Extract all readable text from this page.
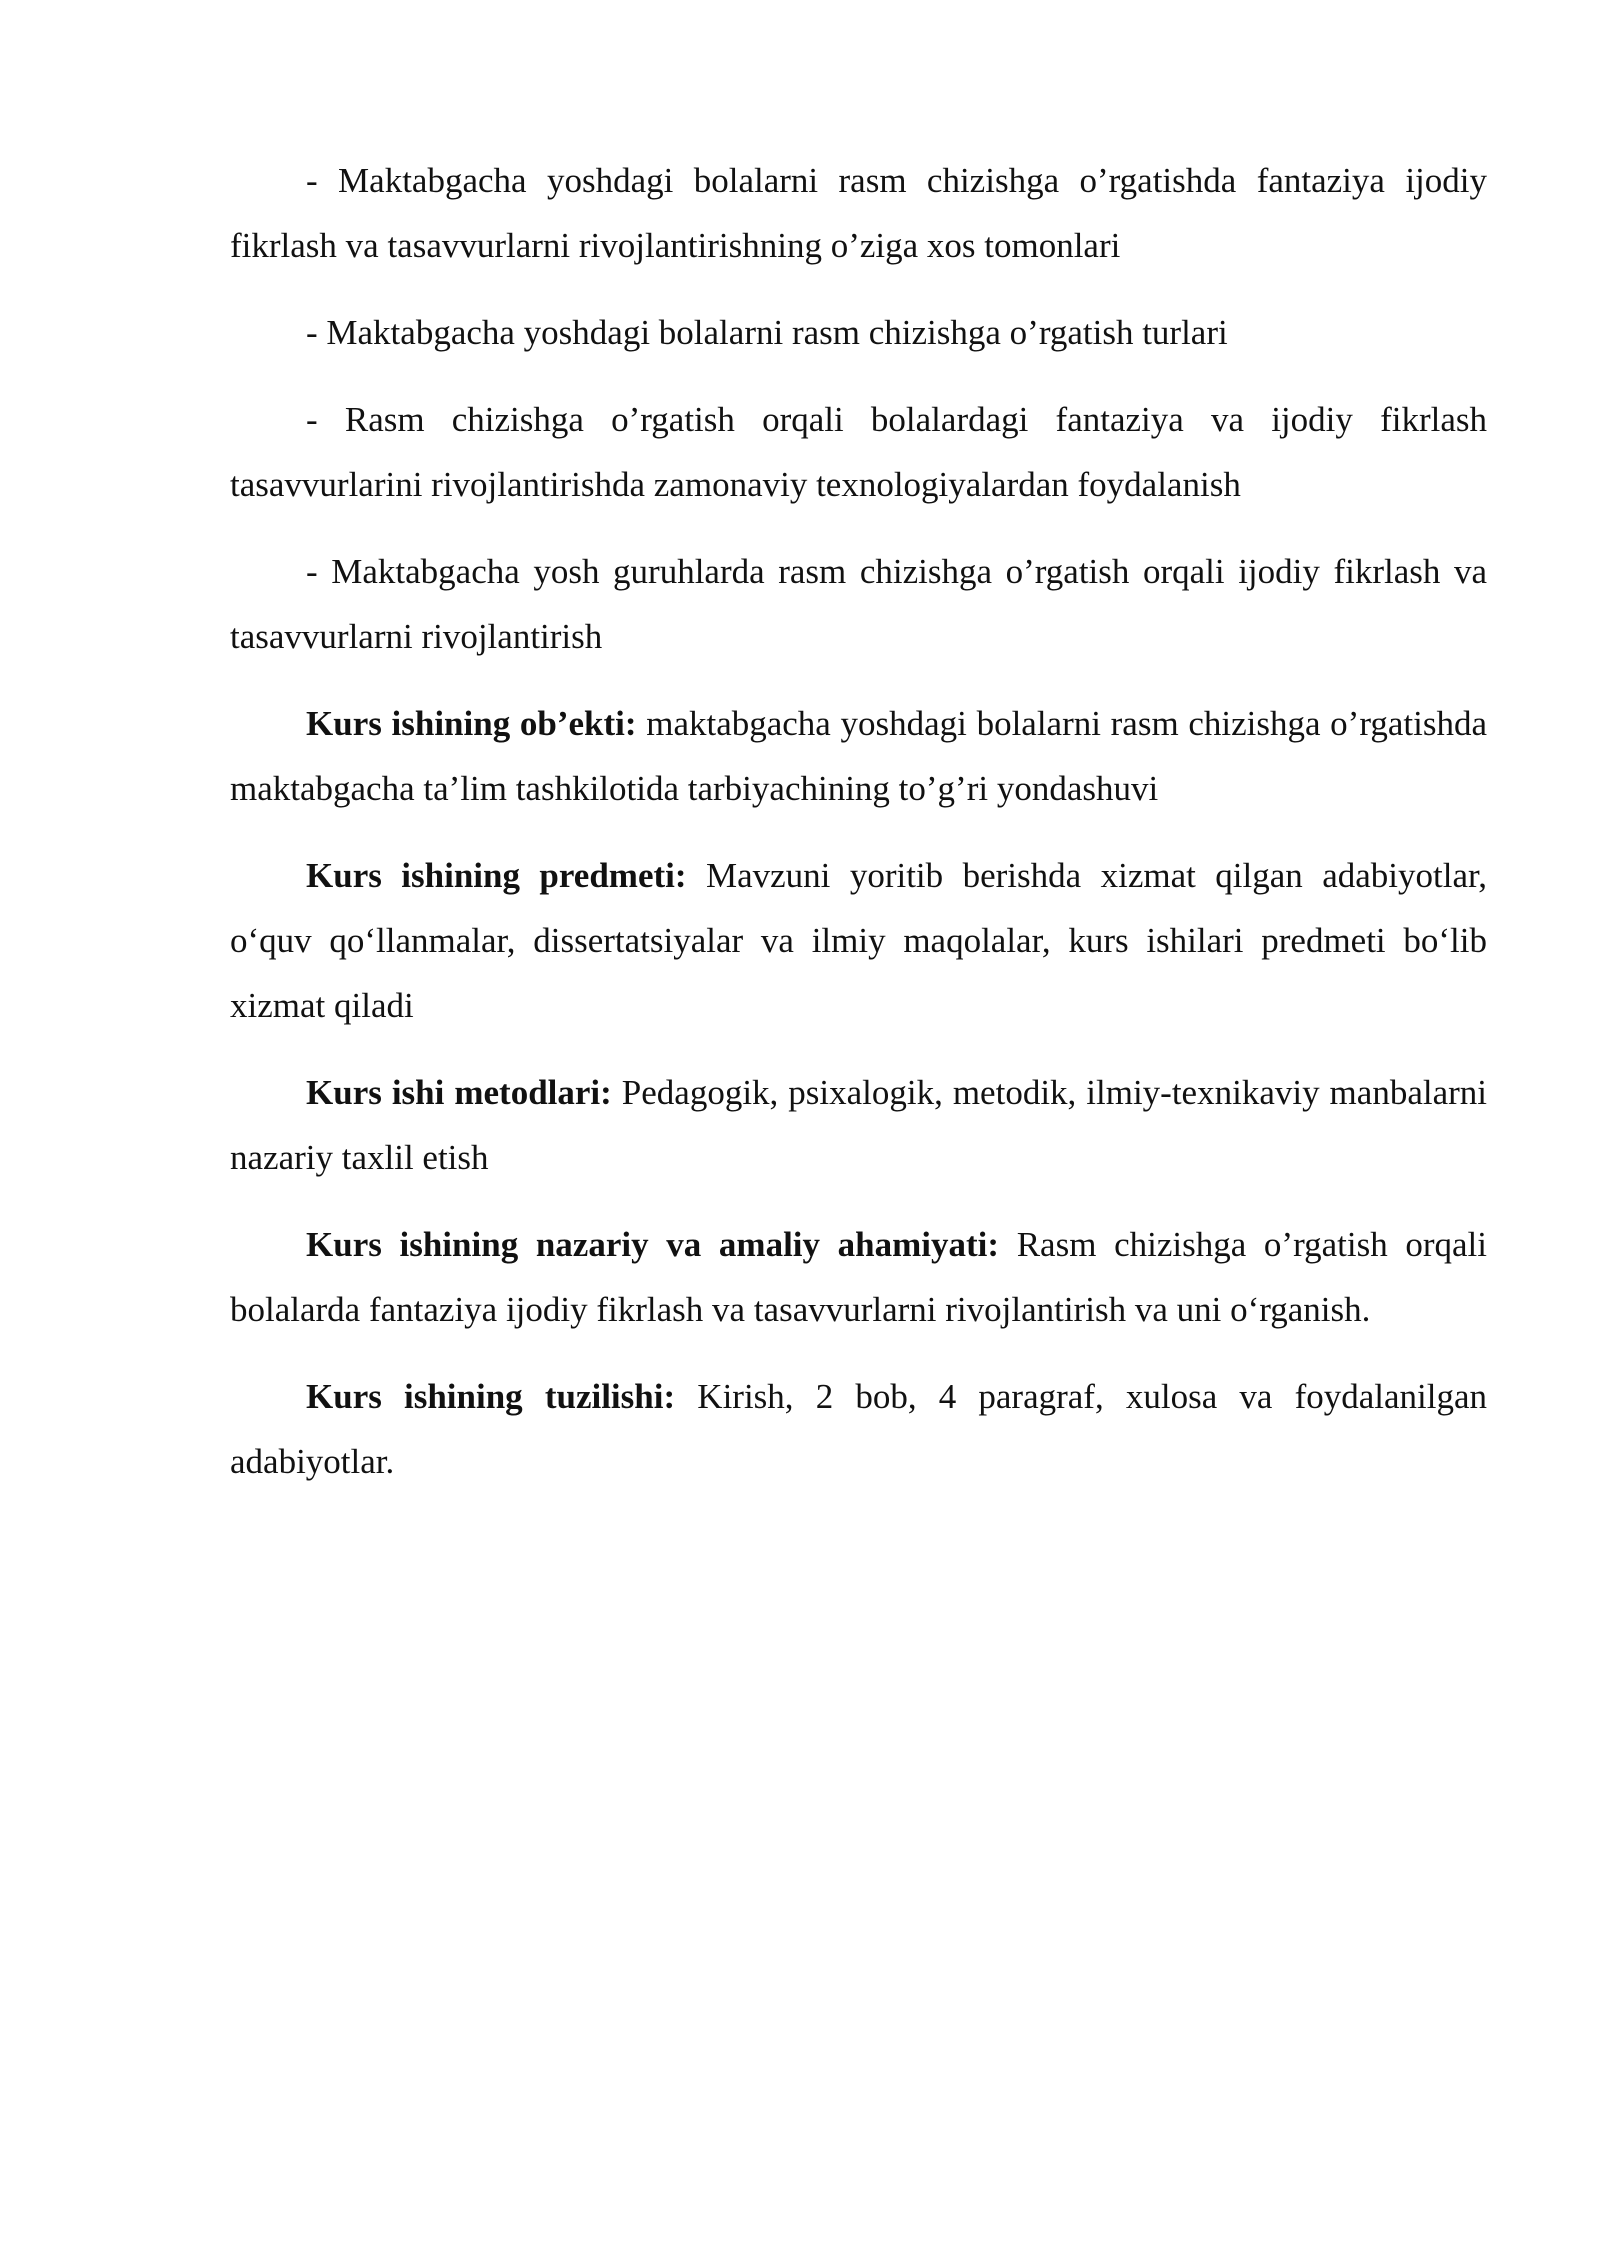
- Maktabgacha yoshdagi bolalarni rasm chizishga o’rgatishda fantaziya ijodiy fikrlash va tasavvurlarni rivojlantirishning o’ziga xos tomonlari

- Maktabgacha yoshdagi bolalarni rasm chizishga o’rgatish turlari

- Rasm chizishga o’rgatish orqali bolalardagi fantaziya va ijodiy fikrlash tasavvurlarini rivojlantirishda zamonaviy texnologiyalardan foydalanish

- Maktabgacha yosh guruhlarda rasm chizishga o’rgatish orqali ijodiy fikrlash va tasavvurlarni rivojlantirish

Kurs ishining ob’ekti: maktabgacha yoshdagi bolalarni rasm chizishga o’rgatishda maktabgacha ta’lim tashkilotida tarbiyachining to’g’ri yondashuvi

Kurs ishining predmeti: Mavzuni yoritib berishda xizmat qilgan adabiyotlar, o‘quv qo‘llanmalar, dissertatsiyalar va ilmiy maqolalar, kurs ishilari predmeti bo‘lib xizmat qiladi

Kurs ishi metodlari: Pedagogik, psixalogik, metodik, ilmiy-texnikaviy manbalarni nazariy taxlil etish

Kurs ishining nazariy va amaliy ahamiyati: Rasm chizishga o’rgatish orqali bolalarda fantaziya ijodiy fikrlash va tasavvurlarni rivojlantirish va uni o‘rganish.

Kurs ishining tuzilishi: Kirish, 2 bob, 4 paragraf, xulosa va foydalanilgan adabiyotlar.
